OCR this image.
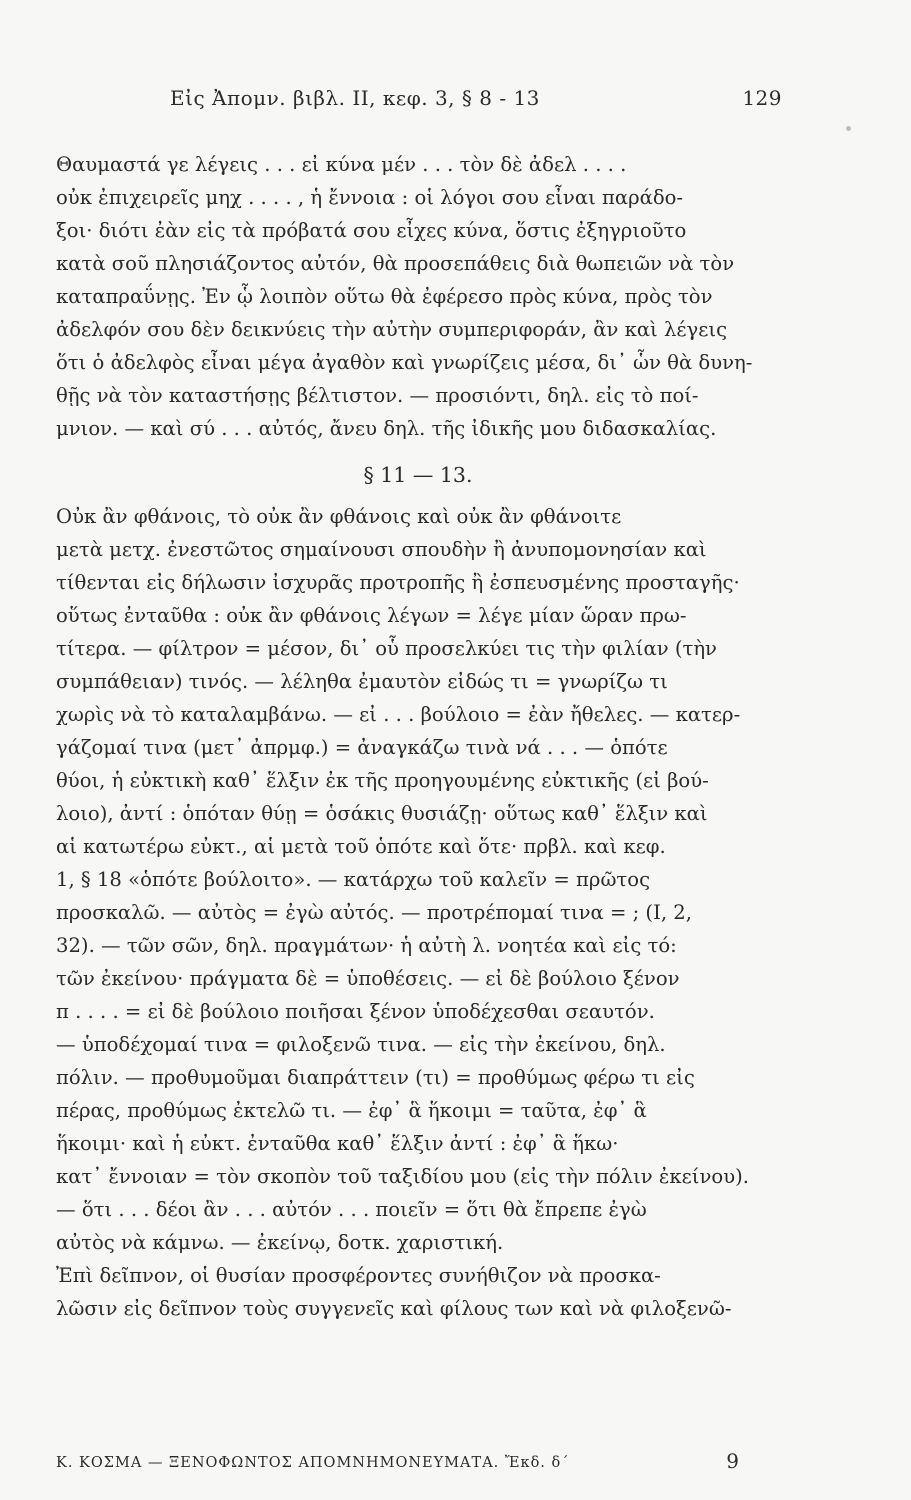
Εἰς Ἀπομν. βιβλ. II, κεφ. 3, § 8 - 13	129
Θαυμαστά γε λέγεις . . . εἰ κύνα μέν . . . τὸν δὲ ἀδελ . . . .
οὐκ ἐπιχειρεῖς μηχ . . . . , ἡ ἔννοια : οἱ λόγοι σου εἶναι παράδο-
ξοι· διότι ἐὰν εἰς τὰ πρόβατά σου εἶχες κύνα, ὅστις ἐξηγριοῦτο
κατὰ σοῦ πλησιάζοντος αὐτόν, θὰ προσεπάθεις διὰ θωπειῶν νὰ τὸν
καταπραΰνῃς. Ἐν ᾧ λοιπὸν οὕτω θὰ ἐφέρεσο πρὸς κύνα, πρὸς τὸν
ἀδελφόν σου δὲν δεικνύεις τὴν αὐτὴν συμπεριφοράν, ἂν καὶ λέγεις
ὅτι ὁ ἀδελφὸς εἶναι μέγα ἀγαθὸν καὶ γνωρίζεις μέσα, δι᾽ ὧν θὰ δυνη-
θῇς νὰ τὸν καταστήσῃς βέλτιστον. — προσιόντι, δηλ. εἰς τὸ ποί-
μνιον. — καὶ σύ . . . αὐτός, ἄνευ δηλ. τῆς ἰδικῆς μου διδασκαλίας.
§ 11 — 13.
Οὐκ ἂν φθάνοις, τὸ οὐκ ἂν φθάνοις καὶ οὐκ ἂν φθάνοιτε
μετὰ μετχ. ἐνεστῶτος σημαίνουσι σπουδὴν ἢ ἀνυπομονησίαν καὶ
τίθενται εἰς δήλωσιν ἰσχυρᾶς προτροπῆς ἢ ἐσπευσμένης προσταγῆς·
οὕτως ἐνταῦθα : οὐκ ἂν φθάνοις λέγων = λέγε μίαν ὥραν πρω-
τίτερα. — φίλτρον = μέσον, δι᾽ οὗ προσελκύει τις τὴν φιλίαν (τὴν
συμπάθειαν) τινός. — λέληθα ἐμαυτὸν εἰδώς τι = γνωρίζω τι
χωρὶς νὰ τὸ καταλαμβάνω. — εἰ . . . βούλοιο = ἐὰν ἤθελες. — κατερ-
γάζομαί τινα (μετ᾽ ἀπρμφ.) = ἀναγκάζω τινὰ νά . . . — ὁπότε
θύοι, ἡ εὐκτικὴ καθ᾽ ἕλξιν ἐκ τῆς προηγουμένης εὐκτικῆς (εἰ βού-
λοιο), ἀντί : ὁπόταν θύῃ = ὁσάκις θυσιάζῃ· οὕτως καθ᾽ ἕλξιν καὶ
αἱ κατωτέρω εὐκτ., αἱ μετὰ τοῦ ὁπότε καὶ ὅτε· πρβλ. καὶ κεφ.
1, § 18 «ὁπότε βούλοιτο». — κατάρχω τοῦ καλεῖν = πρῶτος
προσκαλῶ. — αὐτὸς = ἐγὼ αὐτός. — προτρέπομαί τινα = ; (I, 2,
32). — τῶν σῶν, δηλ. πραγμάτων· ἡ αὐτὴ λ. νοητέα καὶ εἰς τό:
τῶν ἐκείνου· πράγματα δὲ = ὑποθέσεις. — εἰ δὲ βούλοιο ξένον
π . . . . = εἰ δὲ βούλοιο ποιῆσαι ξένον ὑποδέχεσθαι σεαυτόν.
— ὑποδέχομαί τινα = φιλοξενῶ τινα. — εἰς τὴν ἐκείνου, δηλ.
πόλιν. — προθυμοῦμαι διαπράττειν (τι) = προθύμως φέρω τι εἰς
πέρας, προθύμως ἐκτελῶ τι. — ἐφ᾽ ἃ ἥκοιμι = ταῦτα, ἐφ᾽ ἃ
ἥκοιμι· καὶ ἡ εὐκτ. ἐνταῦθα καθ᾽ ἕλξιν ἀντί : ἐφ᾽ ἃ ἥκω·
κατ᾽ ἔννοιαν = τὸν σκοπὸν τοῦ ταξιδίου μου (εἰς τὴν πόλιν ἐκείνου).
— ὅτι . . . δέοι ἂν . . . αὐτόν . . . ποιεῖν = ὅτι θὰ ἔπρεπε ἐγὼ
αὐτὸς νὰ κάμνω. — ἐκείνῳ, δοτκ. χαριστική.
Ἐπὶ δεῖπνον, οἱ θυσίαν προσφέροντες συνήθιζον νὰ προσκα-
λῶσιν εἰς δεῖπνον τοὺς συγγενεῖς καὶ φίλους των καὶ νὰ φιλοξενῶ-
Κ. ΚΟΣΜΑ — ΞΕΝΟΦΩΝΤΟΣ ΑΠΟΜΝΗΜΟΝΕΥΜΑΤΑ. Ἔκδ. δ´	9
